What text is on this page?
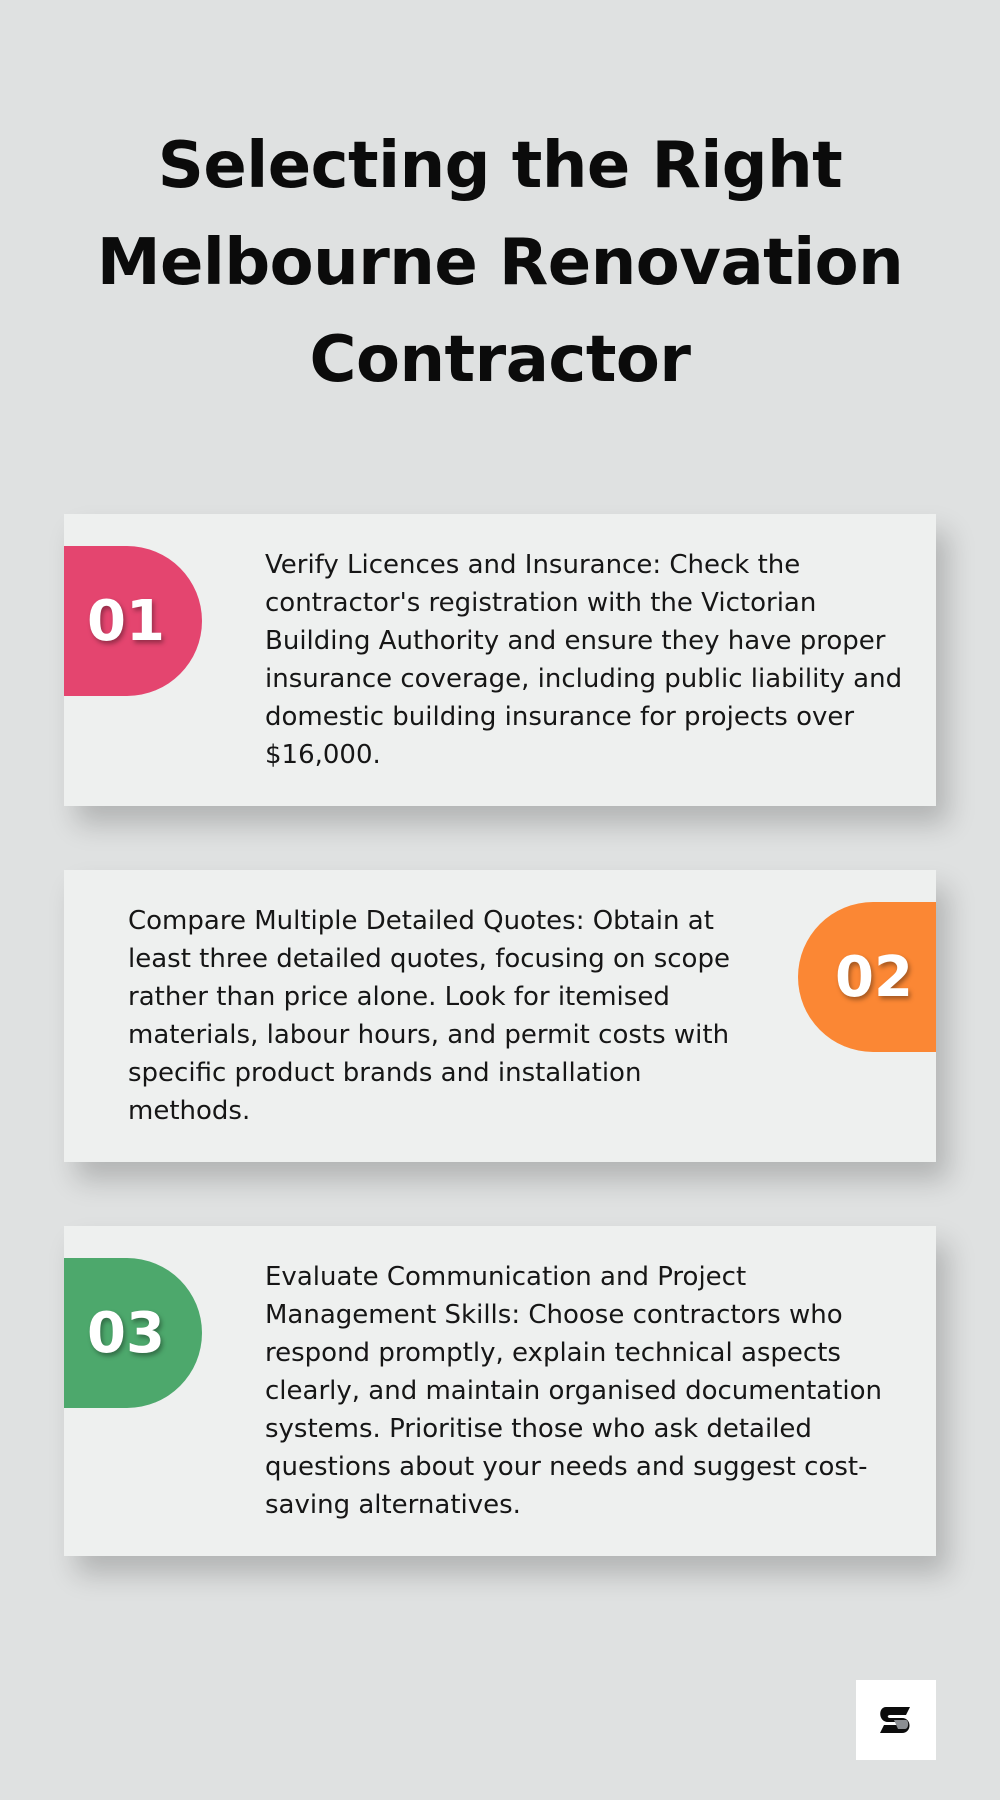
Selecting the Right Melbourne Renovation Contractor
01

Verify Licences and Insurance: Check the contractor's registration with the Victorian Building Authority and ensure they have proper insurance coverage, including public liability and domestic building insurance for projects over $16,000.

Compare Multiple Detailed Quotes: Obtain at least three detailed quotes, focusing on scope rather than price alone. Look for itemised materials, labour hours, and permit costs with specific product brands and installation methods.

02
03

Evaluate Communication and Project Management Skills: Choose contractors who respond promptly, explain technical aspects clearly, and maintain organised documentation systems. Prioritise those who ask detailed questions about your needs and suggest cost-saving alternatives.
